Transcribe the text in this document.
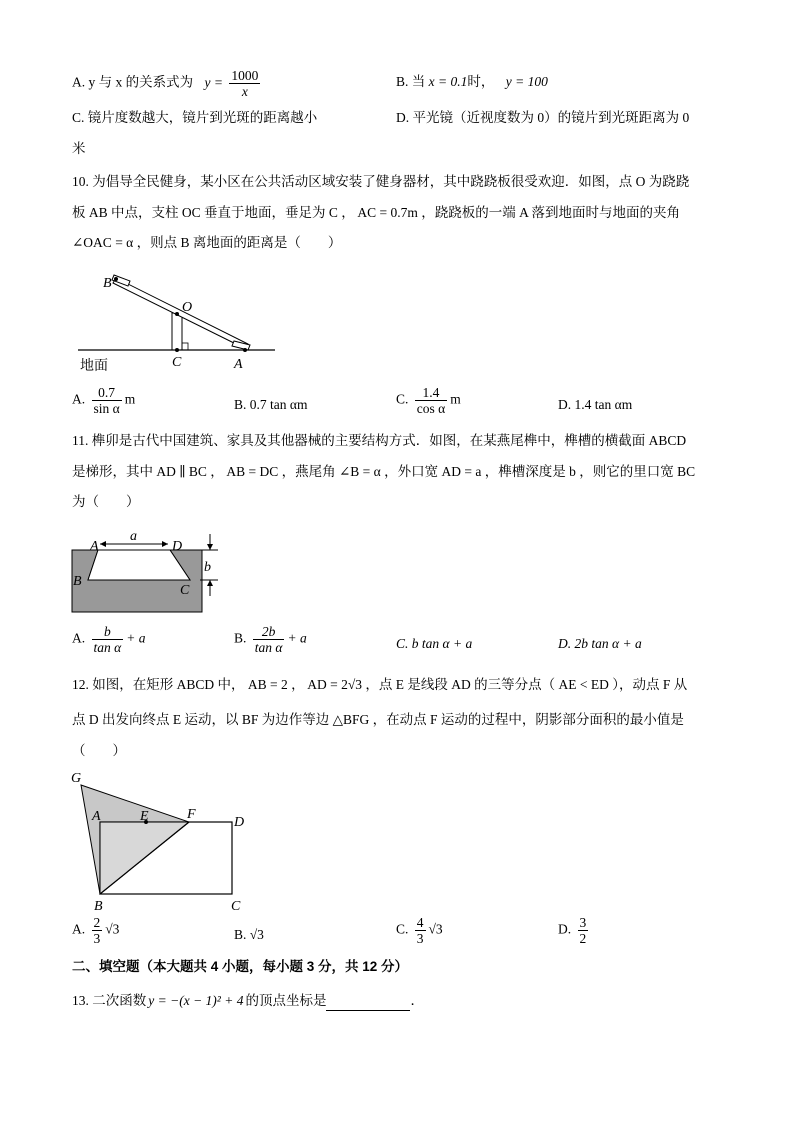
A. y 与 x 的关系式为 $y = \frac{1000}{x}$	B. 当 x = 0.1时， y = 100
C. 镜片度数越大，镜片到光斑的距离越小	D. 平光镜（近视度数为 0）的镜片到光斑距离为 0
米
10. 为倡导全民健身，某小区在公共活动区域安装了健身器材，其中跷跷板很受欢迎．如图，点 O 为跷跷
板 AB 中点，支柱 OC 垂直于地面，垂足为 C ， AC = 0.7m ，跷跷板的一端 A 落到地面时与地面的夹角
∠OAC = α ，则点 B 离地面的距离是（　　）
B
O
C	A
地面
A. $\frac{0.7}{\text{sin α}}$ m	B. 0.7 tan αm	C. $\frac{1.4}{\text{cos α}}$ m	D. 1.4 tan αm
11. 榫卯是古代中国建筑、家具及其他器械的主要结构方式．如图，在某燕尾榫中，榫槽的横截面 ABCD
是梯形，其中 AD ∥ BC ， AB = DC ，燕尾角 ∠B = α ，外口宽 AD = a ，榫槽深度是 b ，则它的里口宽 BC
为（　　）
a
b
A	D
B
C
A. $\frac{b}{\text{tan α}} + a$	B. $\frac{2b}{\text{tan α}} + a$	C. b tan α + a	D. 2b tan α + a
12. 如图，在矩形 ABCD 中， AB = 2 ， AD = 2√3 ，点 E 是线段 AD 的三等分点（ AE < ED ），动点 F 从
点 D 出发向终点 E 运动，以 BF 为边作等边 △BFG ，在动点 F 运动的过程中，阴影部分面积的最小值是
（　　）
G
A	E	F
D
B	C
A. $\frac{2}{3} √3$	B. √3	C. $\frac{4}{3} √3$	D. $\frac{3}{2}$
二、填空题（本大题共 4 小题，每小题 3 分，共 12 分）
13. 二次函数 y = −(x − 1)² + 4 的顶点坐标是	．
